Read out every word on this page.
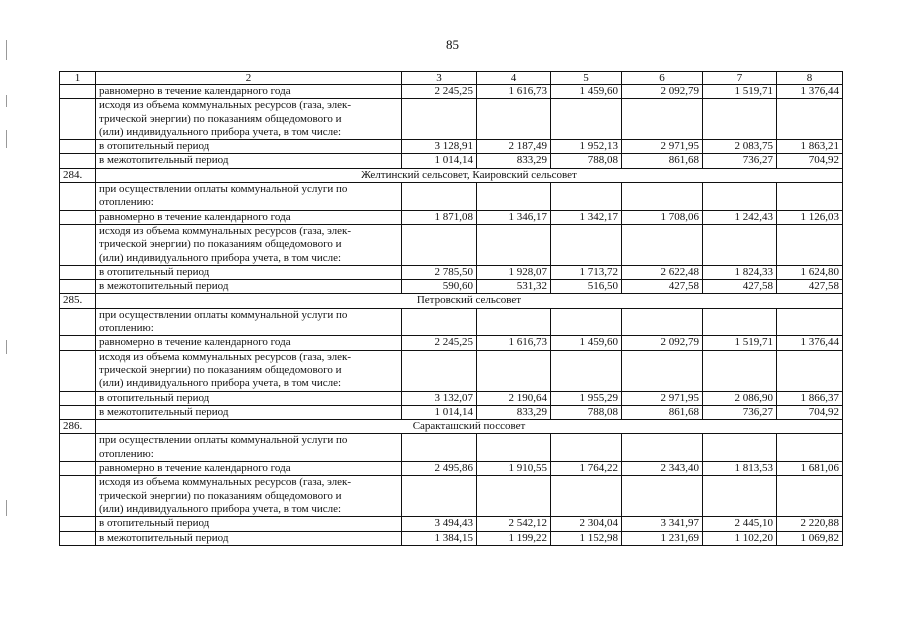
85
1	2	3	4	5	6	7	8
	равномерно в течение календарного года	2 245,25	1 616,73	1 459,60	2 092,79	1 519,71	1 376,44
	исходя из объема коммунальных ресурсов (газа, элек-
трической энергии) по показаниям общедомового и
(или) индивидуального прибора учета, в том числе:						
	в отопительный период	3 128,91	2 187,49	1 952,13	2 971,95	2 083,75	1 863,21
	в межотопительный период	1 014,14	833,29	788,08	861,68	736,27	704,92
284.	Желтинский сельсовет, Каировский сельсовет						
	при осуществлении оплаты коммунальной услуги по
отоплению:						
	равномерно в течение календарного года	1 871,08	1 346,17	1 342,17	1 708,06	1 242,43	1 126,03
	исходя из объема коммунальных ресурсов (газа, элек-
трической энергии) по показаниям общедомового и
(или) индивидуального прибора учета, в том числе:						
	в отопительный период	2 785,50	1 928,07	1 713,72	2 622,48	1 824,33	1 624,80
	в межотопительный период	590,60	531,32	516,50	427,58	427,58	427,58
285.	Петровский сельсовет						
	при осуществлении оплаты коммунальной услуги по
отоплению:						
	равномерно в течение календарного года	2 245,25	1 616,73	1 459,60	2 092,79	1 519,71	1 376,44
	исходя из объема коммунальных ресурсов (газа, элек-
трической энергии) по показаниям общедомового и
(или) индивидуального прибора учета, в том числе:						
	в отопительный период	3 132,07	2 190,64	1 955,29	2 971,95	2 086,90	1 866,37
	в межотопительный период	1 014,14	833,29	788,08	861,68	736,27	704,92
286.	Саракташский поссовет						
	при осуществлении оплаты коммунальной услуги по
отоплению:						
	равномерно в течение календарного года	2 495,86	1 910,55	1 764,22	2 343,40	1 813,53	1 681,06
	исходя из объема коммунальных ресурсов (газа, элек-
трической энергии) по показаниям общедомового и
(или) индивидуального прибора учета, в том числе:						
	в отопительный период	3 494,43	2 542,12	2 304,04	3 341,97	2 445,10	2 220,88
	в межотопительный период	1 384,15	1 199,22	1 152,98	1 231,69	1 102,20	1 069,82
